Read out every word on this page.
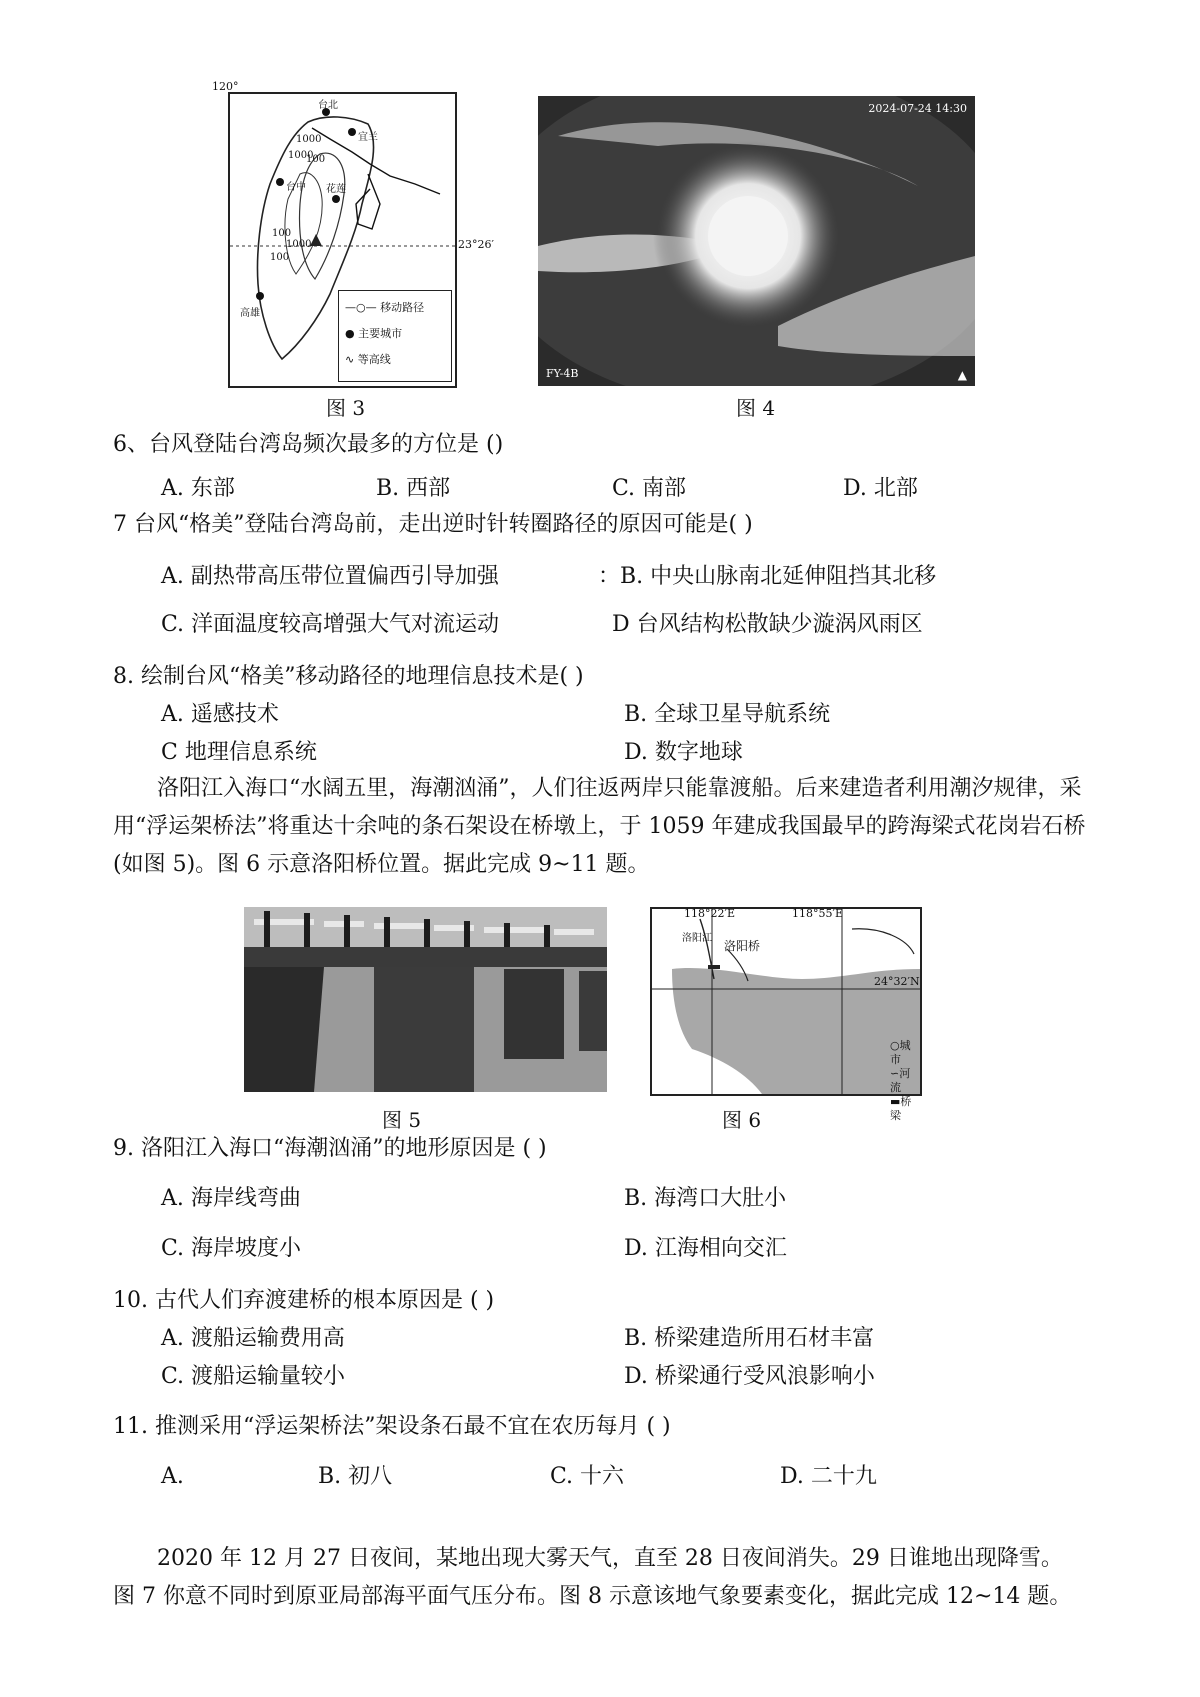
120°
23°26′
台北
宜兰
台中 花莲
高雄
100
1000
1000
100
1000
100
—○— 移动路径
● 主要城市
∿ 等高线
图 3
2024-07-24 14:30
FY-4B	▲
图 4
6、台风登陆台湾岛频次最多的方位是 ()
A. 东部	B. 西部	C. 南部	D. 北部
7 台风“格美”登陆台湾岛前，走出逆时针转圈路径的原因可能是( )
A. 副热带高压带位置偏西引导加强	：B. 中央山脉南北延伸阻挡其北移
C. 洋面温度较高增强大气对流运动	D 台风结构松散缺少漩涡风雨区
8. 绘制台风“格美”移动路径的地理信息技术是( )
A. 遥感技术	B. 全球卫星导航系统
C 地理信息系统	D. 数字地球
洛阳江入海口“水阔五里，海潮汹涌”，人们往返两岸只能靠渡船。后来建造者利用潮汐规律，采用“浮运架桥法”将重达十余吨的条石架设在桥墩上，于 1059 年建成我国最早的跨海梁式花岗岩石桥(如图 5)。图 6 示意洛阳桥位置。据此完成 9~11 题。
图 5
118°22′E	118°55′E
24°32′N
洛阳桥
洛阳江
○城市
∽河流
▬桥梁
图 6
9. 洛阳江入海口“海潮汹涌”的地形原因是 ( )
A. 海岸线弯曲	B. 海湾口大肚小
C. 海岸坡度小	D. 江海相向交汇
10. 古代人们弃渡建桥的根本原因是 ( )
A. 渡船运输费用高	B. 桥梁建造所用石材丰富
C. 渡船运输量较小	D. 桥梁通行受风浪影响小
11. 推测采用“浮运架桥法”架设条石最不宜在农历每月 ( )
A.	B. 初八	C. 十六	D. 二十九
2020 年 12 月 27 日夜间，某地出现大雾天气，直至 28 日夜间消失。29 日谁地出现降雪。
图 7 你意不同时到原亚局部海平面气压分布。图 8 示意该地气象要素变化，据此完成 12~14 题。
